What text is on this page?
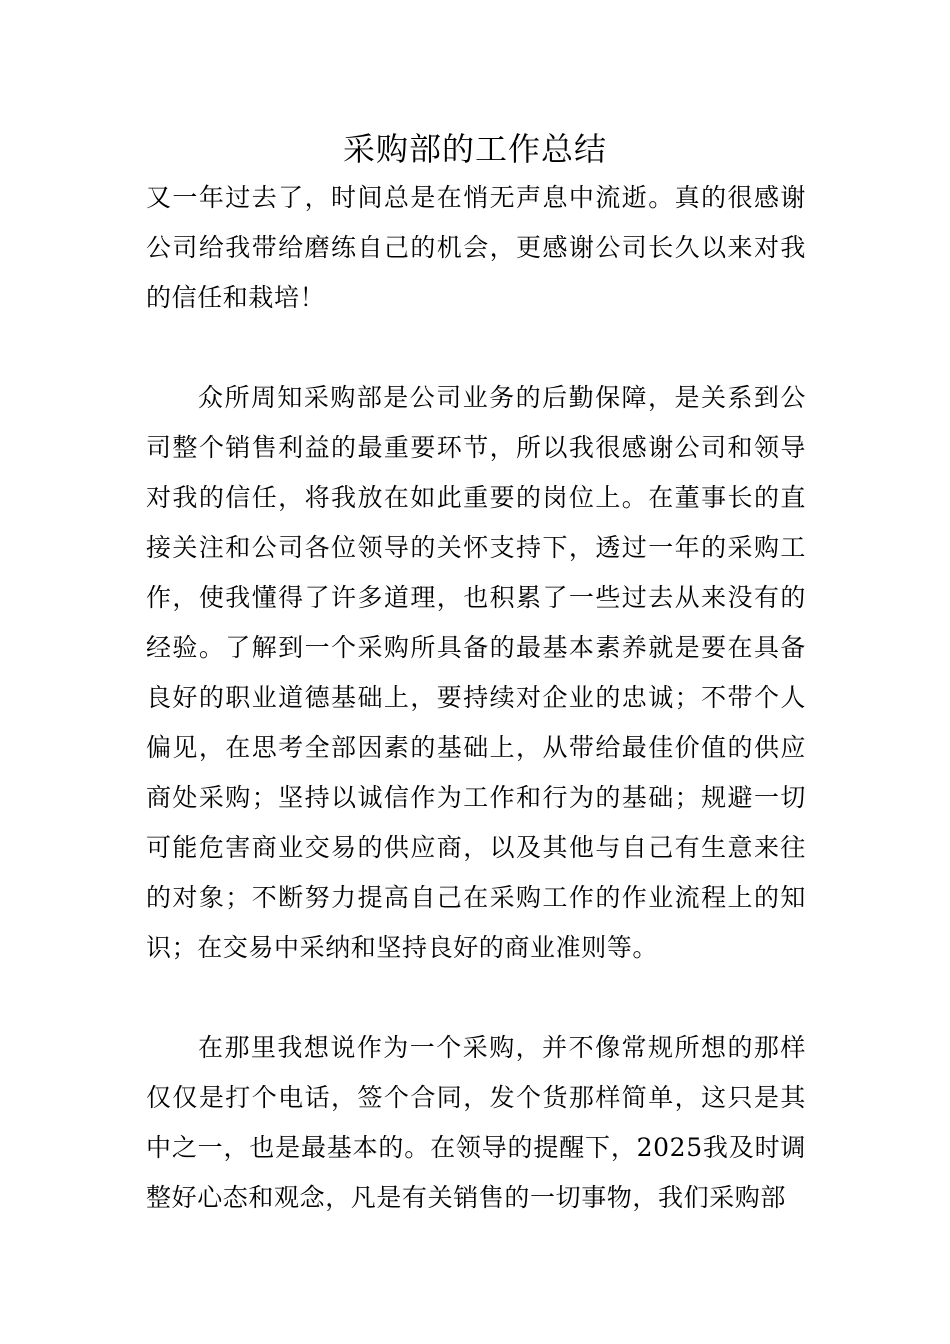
采购部的工作总结

又一年过去了，时间总是在悄无声息中流逝。真的很感谢公司给我带给磨练自己的机会，更感谢公司长久以来对我的信任和栽培！

众所周知采购部是公司业务的后勤保障，是关系到公司整个销售利益的最重要环节，所以我很感谢公司和领导对我的信任，将我放在如此重要的岗位上。在董事长的直接关注和公司各位领导的关怀支持下，透过一年的采购工作，使我懂得了许多道理，也积累了一些过去从来没有的经验。了解到一个采购所具备的最基本素养就是要在具备良好的职业道德基础上，要持续对企业的忠诚；不带个人偏见，在思考全部因素的基础上，从带给最佳价值的供应商处采购；坚持以诚信作为工作和行为的基础；规避一切可能危害商业交易的供应商，以及其他与自己有生意来往的对象；不断努力提高自己在采购工作的作业流程上的知识；在交易中采纳和坚持良好的商业准则等。

在那里我想说作为一个采购，并不像常规所想的那样仅仅是打个电话，签个合同，发个货那样简单，这只是其中之一，也是最基本的。在领导的提醒下，2025我及时调整好心态和观念，凡是有关销售的一切事物，我们采购部
